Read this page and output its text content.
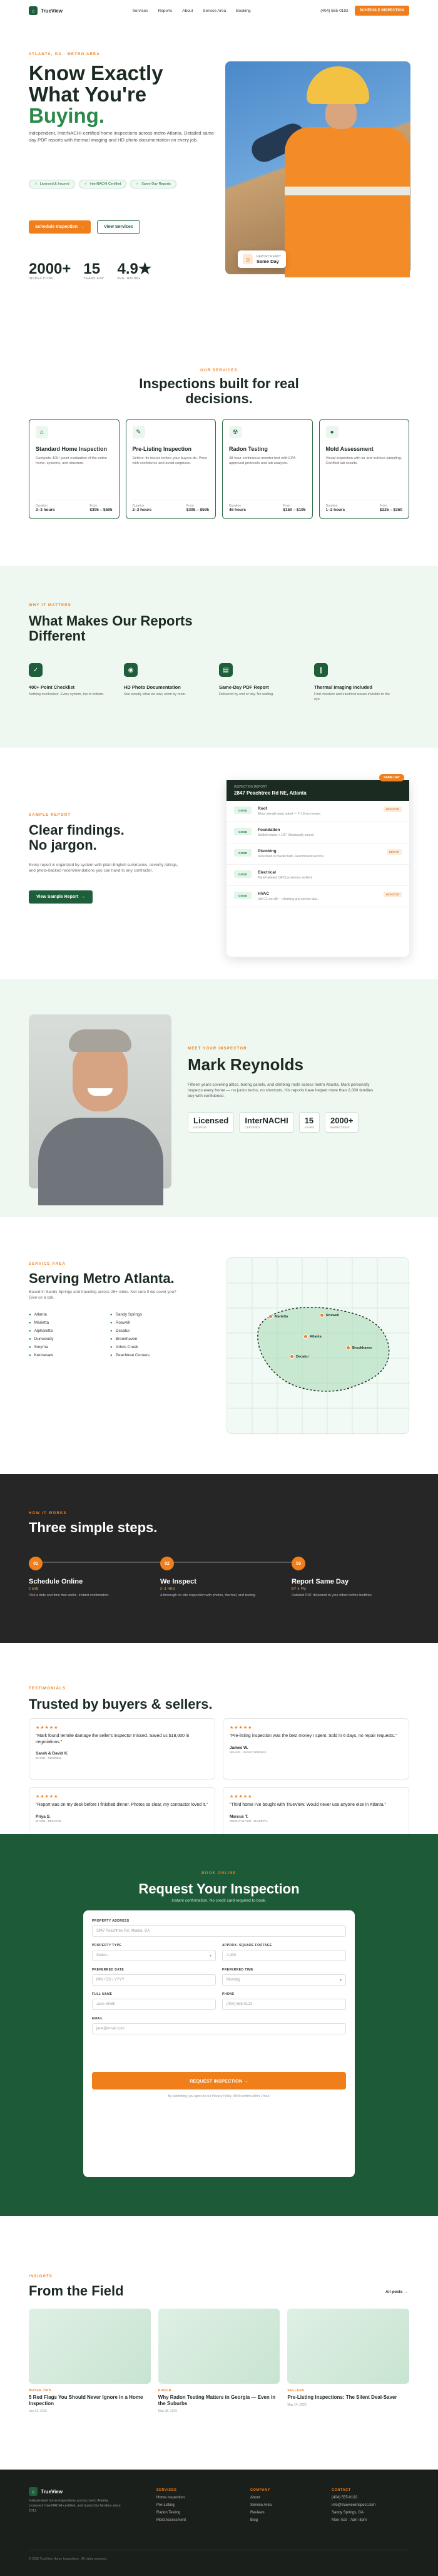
⌂	TrueView	Services Reports About Service Area Booking	(404) 555-0192	SCHEDULE INSPECTION
ATLANTA, GA · METRO AREA
Know Exactly
What You're
Buying.

Independent, InterNACHI-certified home inspections across metro Atlanta. Detailed same-day PDF reports with thermal imaging and HD photo documentation on every job.

✓ Licensed & Insured	✓ InterNACHI Certified	✓ Same-Day Reports
Schedule Inspection →	View Services
2000+
INSPECTIONS
15
YEARS EXP.
4.9★
AVG. RATING
◷	REPORT READY
Same Day
OUR SERVICES
Inspections built for real decisions.
⌂
Standard Home Inspection

Complete 400+ point evaluation of the entire home, systems, and structure.

Duration
2–3 hours
From
$395 – $595
✎
Pre-Listing Inspection

Sellers: fix issues before your buyers do. Price with confidence and avoid surprises.

Duration
2–3 hours
From
$395 – $595
☢
Radon Testing

48-hour continuous monitor test with EPA-approved protocols and lab analysis.

Duration
48 hours
From
$150 – $195
●
Mold Assessment

Visual inspection with air and surface sampling. Certified lab results.

Duration
1–2 hours
From
$225 – $350
WHY IT MATTERS
What Makes Our Reports Different
✓
400+ Point Checklist

Nothing overlooked. Every system, top to bottom.

◉
HD Photo Documentation

See exactly what we saw, room by room.

▤
Same-Day PDF Report

Delivered by end of day. No waiting.

❙
Thermal Imaging Included

Find moisture and electrical issues invisible to the eye.

SAMPLE REPORT
Clear findings.
No jargon.

Every report is organized by system with plain-English summaries, severity ratings, and photo-backed recommendations you can hand to any contractor.

View Sample Report →
INSPECTION REPORT
2847 Peachtree Rd NE, Atlanta
GOOD	Roof
Minor shingle wear noted — 7–10 yrs remain.
MONITOR
GOOD	Foundation
Settled cracks < 1/8". Structurally sound.
GOOD	Plumbing
Slow drain in master bath. Recommend service.
REPAIR
GOOD	Electrical
Panel labeled. GFCI protection verified.
GOOD	HVAC
Unit 11 yrs old — cleaning and service due.
MONITOR
SAME DAY
MEET YOUR INSPECTOR
Mark Reynolds

Fifteen years covering attics, boring panels, and climbing roofs across metro Atlanta. Mark personally inspects every home — no junior techs, no shortcuts. His reports have helped more than 2,000 families buy with confidence.

Licensed
GEORGIA
InterNACHI
CERTIFIED
15
YEARS
2000+
INSPECTIONS
SERVICE AREA
Serving Metro Atlanta.

Based in Sandy Springs and traveling across 25+ cities. Not sure if we cover you? Give us a call.

● Atlanta	● Sandy Springs
● Marietta	● Roswell
● Alpharetta	● Decatur
● Dunwoody	● Brookhaven
● Smyrna	● Johns Creek
● Kennesaw	● Peachtree Corners
Marietta	Roswell
Atlanta
Brookhaven
Decatur
HOW IT WORKS
Three simple steps.
01
Schedule Online
2 MIN

Pick a date and time that works. Instant confirmation.

02
We Inspect
2–3 HRS

A thorough on-site inspection with photos, thermal, and testing.

03
Report Same Day
BY 9 PM

Detailed PDF delivered to your inbox before bedtime.

TESTIMONIALS
Trusted by buyers & sellers.
★★★★★
"Mark found termite damage the seller's inspector missed. Saved us $18,000 in negotiations."
Sarah & David K.
BUYER · ROSWELL
★★★★★
"Pre-listing inspection was the best money I spent. Sold in 6 days, no repair requests."
James W.
SELLER · SANDY SPRINGS
★★★★★
"Report was on my desk before I finished dinner. Photos so clear, my contractor loved it."
Priya S.
BUYER · DECATUR
★★★★★
"Third home I've bought with TrueView. Would never use anyone else in Atlanta."
Marcus T.
REPEAT BUYER · MARIETTA
BOOK ONLINE
Request Your Inspection
Instant confirmation. No credit card required to book.
PROPERTY ADDRESS
2847 Peachtree Rd, Atlanta, GA
PROPERTY TYPE
Select...	▾
APPROX. SQUARE FOOTAGE
2,400
PREFERRED DATE
MM / DD / YYYY
PREFERRED TIME
Morning	▾
FULL NAME
Jane Smith
PHONE
(404) 555-0123
EMAIL
jane@email.com
REQUEST INSPECTION →
By submitting, you agree to our Privacy Policy. We'll confirm within 1 hour.
INSIGHTS
From the Field	All posts →
BUYER TIPS
5 Red Flags You Should Never Ignore in a Home Inspection
Jun 12, 2025
RADON
Why Radon Testing Matters in Georgia — Even in the Suburbs
May 28, 2025
SELLERS
Pre-Listing Inspections: The Silent Deal-Saver
May 14, 2025
⌂	TrueView
Independent home inspections across metro Atlanta. Licensed, InterNACHI-certified, and trusted by families since 2011.
SERVICES
Home Inspection
Pre-Listing
Radon Testing
Mold Assessment
COMPANY
About
Service Area
Reviews
Blog
CONTACT
(404) 555-0192
info@trueviewinspect.com
Sandy Springs, GA
Mon–Sat · 7am–8pm
© 2025 TrueView Home Inspections · All rights reserved.
